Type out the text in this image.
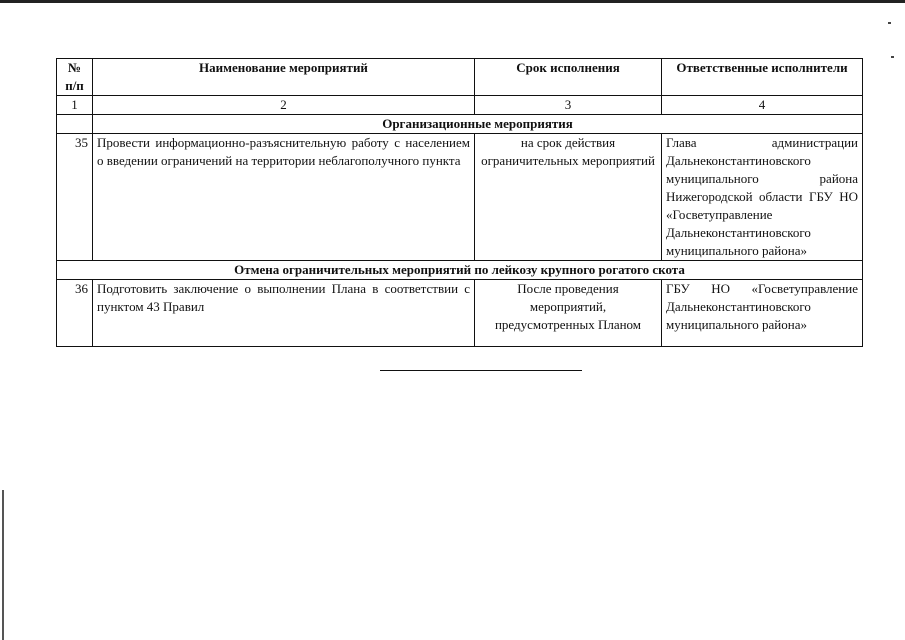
№ п/п	Наименование мероприятий	Срок исполнения	Ответственные исполнители
1	2	3	4
	Организационные мероприятия		
35	Провести информационно-разъяснительную работу с населением о введении ограничений на территории неблагополучного пункта	на срок действия ограничительных мероприятий	Глава администрации Дальнеконстантиновского муниципального района Нижегородской области ГБУ НО «Госветуправление Дальнеконстантиновского муниципального района»
Отмена ограничительных мероприятий по лейкозу крупного рогатого скота			
36	Подготовить заключение о выполнении Плана в соответствии с пунктом 43 Правил	После проведения мероприятий, предусмотренных Планом	ГБУ НО «Госветуправление Дальнеконстантиновского муниципального района»
